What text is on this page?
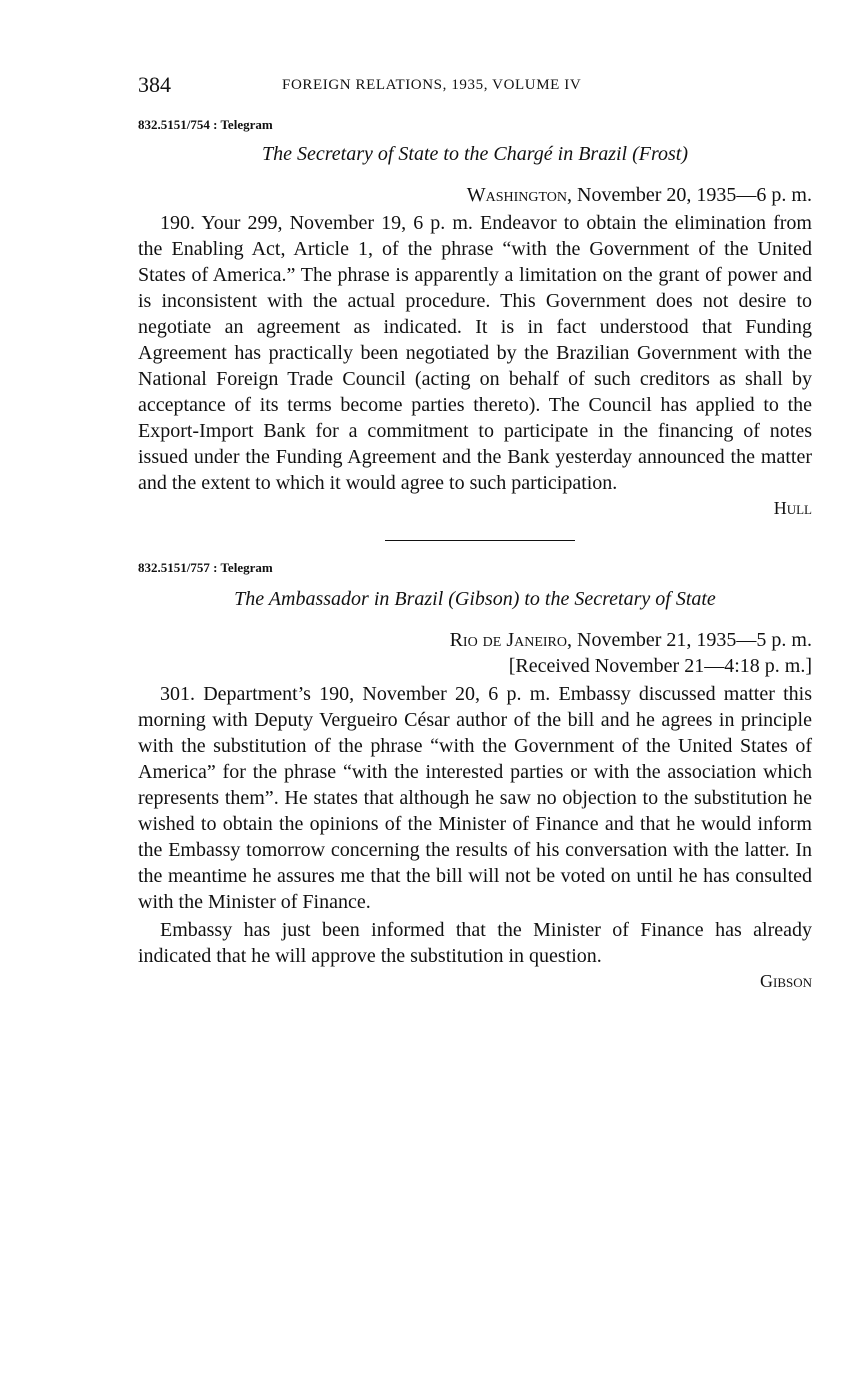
384	FOREIGN RELATIONS, 1935, VOLUME IV
832.5151/754 : Telegram
The Secretary of State to the Chargé in Brazil (Frost)
Washington, November 20, 1935—6 p. m.

190. Your 299, November 19, 6 p. m. Endeavor to obtain the elimination from the Enabling Act, Article 1, of the phrase “with the Government of the United States of America.” The phrase is apparently a limitation on the grant of power and is inconsistent with the actual procedure. This Government does not desire to negotiate an agreement as indicated. It is in fact understood that Funding Agreement has practically been negotiated by the Brazilian Government with the National Foreign Trade Council (acting on behalf of such creditors as shall by acceptance of its terms become parties thereto). The Council has applied to the Export-Import Bank for a commitment to participate in the financing of notes issued under the Funding Agreement and the Bank yesterday announced the matter and the extent to which it would agree to such participation.

Hull
832.5151/757 : Telegram
The Ambassador in Brazil (Gibson) to the Secretary of State
Rio de Janeiro, November 21, 1935—5 p. m.
[Received November 21—4:18 p. m.]

301. Department’s 190, November 20, 6 p. m. Embassy discussed matter this morning with Deputy Vergueiro César author of the bill and he agrees in principle with the substitution of the phrase “with the Government of the United States of America” for the phrase “with the interested parties or with the association which represents them”. He states that although he saw no objection to the substitution he wished to obtain the opinions of the Minister of Finance and that he would inform the Embassy tomorrow concerning the results of his conversation with the latter. In the meantime he assures me that the bill will not be voted on until he has consulted with the Minister of Finance.

Embassy has just been informed that the Minister of Finance has already indicated that he will approve the substitution in question.

Gibson
